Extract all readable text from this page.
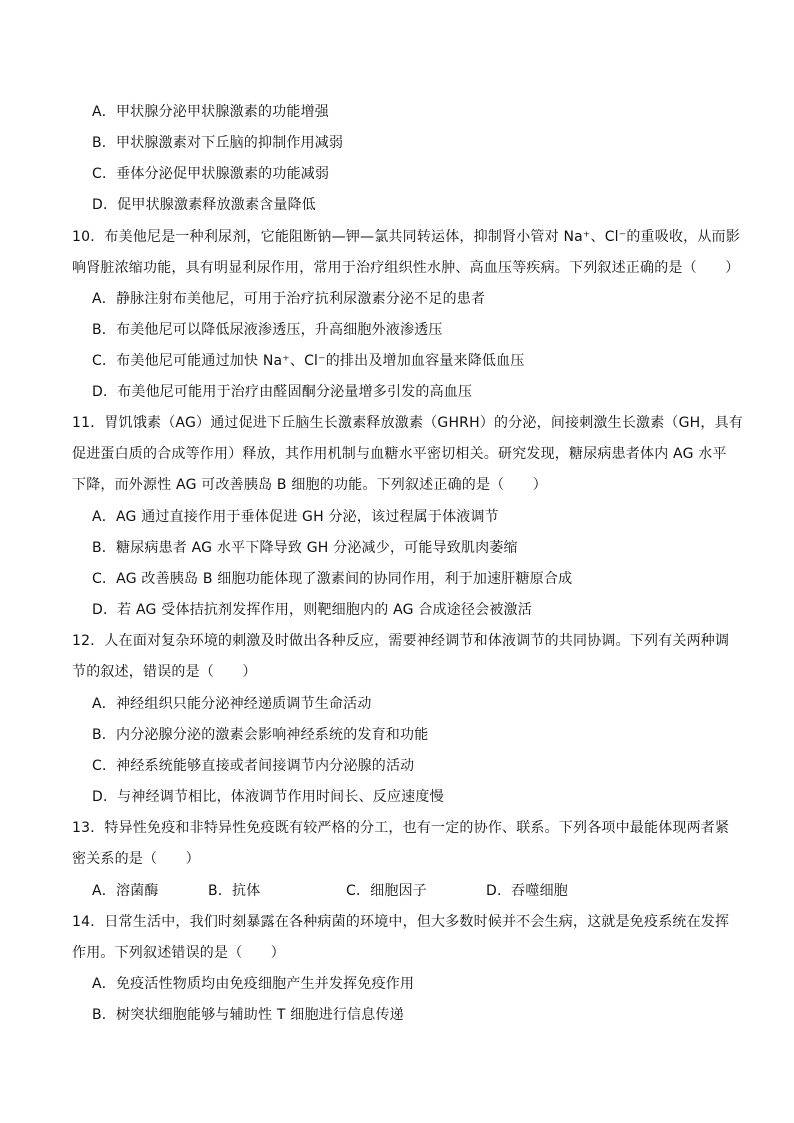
A．甲状腺分泌甲状腺激素的功能增强
B．甲状腺激素对下丘脑的抑制作用减弱
C．垂体分泌促甲状腺激素的功能减弱
D．促甲状腺激素释放激素含量降低
10．布美他尼是一种利尿剂，它能阻断钠—钾—氯共同转运体，抑制肾小管对 Na⁺、Cl⁻的重吸收，从而影
响肾脏浓缩功能，具有明显利尿作用，常用于治疗组织性水肿、高血压等疾病。下列叙述正确的是（　　）
A．静脉注射布美他尼，可用于治疗抗利尿激素分泌不足的患者
B．布美他尼可以降低尿液渗透压，升高细胞外液渗透压
C．布美他尼可能通过加快 Na⁺、Cl⁻的排出及增加血容量来降低血压
D．布美他尼可能用于治疗由醛固酮分泌量增多引发的高血压
11．胃饥饿素（AG）通过促进下丘脑生长激素释放激素（GHRH）的分泌，间接刺激生长激素（GH，具有
促进蛋白质的合成等作用）释放，其作用机制与血糖水平密切相关。研究发现，糖尿病患者体内 AG 水平
下降，而外源性 AG 可改善胰岛 B 细胞的功能。下列叙述正确的是（　　）
A．AG 通过直接作用于垂体促进 GH 分泌，该过程属于体液调节
B．糖尿病患者 AG 水平下降导致 GH 分泌减少，可能导致肌肉萎缩
C．AG 改善胰岛 B 细胞功能体现了激素间的协同作用，利于加速肝糖原合成
D．若 AG 受体拮抗剂发挥作用，则靶细胞内的 AG 合成途径会被激活
12．人在面对复杂环境的刺激及时做出各种反应，需要神经调节和体液调节的共同协调。下列有关两种调
节的叙述，错误的是（　　）
A．神经组织只能分泌神经递质调节生命活动
B．内分泌腺分泌的激素会影响神经系统的发育和功能
C．神经系统能够直接或者间接调节内分泌腺的活动
D．与神经调节相比，体液调节作用时间长、反应速度慢
13．特异性免疫和非特异性免疫既有较严格的分工，也有一定的协作、联系。下列各项中最能体现两者紧
密关系的是（　　）
A．溶菌酶	B．抗体	C．细胞因子	D．吞噬细胞
14．日常生活中，我们时刻暴露在各种病菌的环境中，但大多数时候并不会生病，这就是免疫系统在发挥
作用。下列叙述错误的是（　　）
A．免疫活性物质均由免疫细胞产生并发挥免疫作用
B．树突状细胞能够与辅助性 T 细胞进行信息传递
